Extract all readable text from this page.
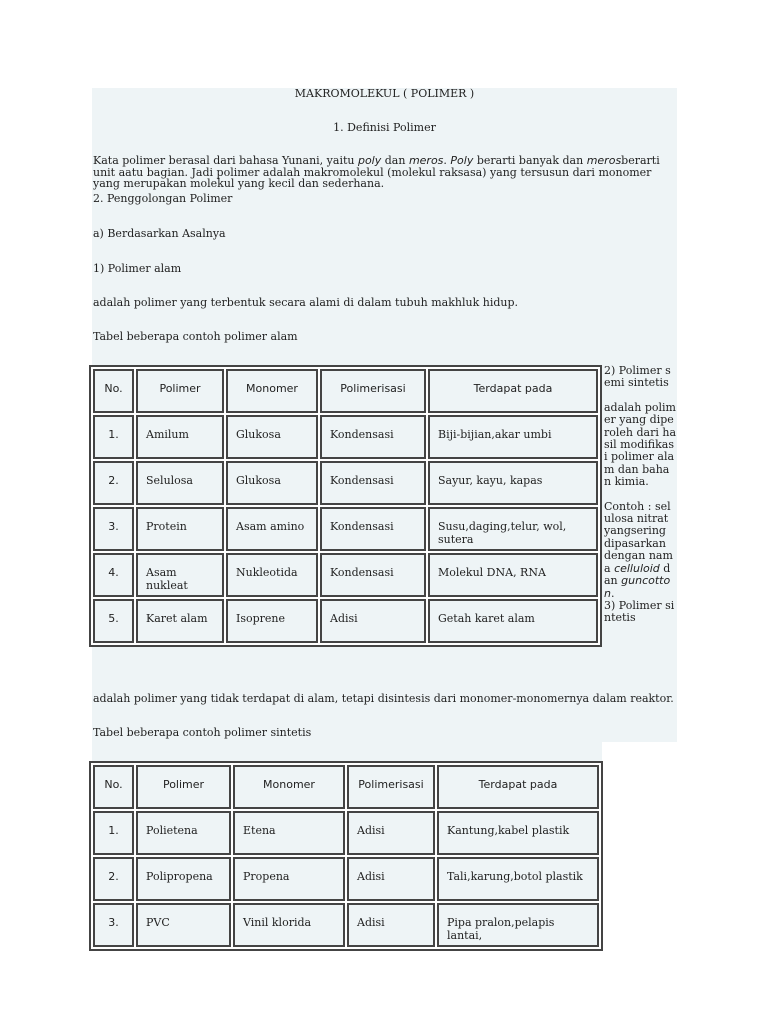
MAKROMOLEKUL ( POLIMER )
1. Definisi Polimer
Kata polimer berasal dari bahasa Yunani, yaitu poly dan meros. Poly berarti banyak dan merosberarti unit aatu bagian. Jadi polimer adalah makromolekul (molekul raksasa) yang tersusun dari monomer yang merupakan molekul yang kecil dan sederhana.
2. Penggolongan Polimer
a) Berdasarkan Asalnya
1) Polimer alam
adalah polimer yang terbentuk secara alami di dalam tubuh makhluk hidup.
Tabel beberapa contoh polimer alam
No.	Polimer	Monomer	Polimerisasi	Terdapat pada
1.	Amilum	Glukosa	Kondensasi	Biji-bijian,akar umbi
2.	Selulosa	Glukosa	Kondensasi	Sayur, kayu, kapas
3.	Protein	Asam amino	Kondensasi	Susu,daging,telur, wol, sutera
4.	Asam nukleat	Nukleotida	Kondensasi	Molekul DNA, RNA
5.	Karet alam	Isoprene	Adisi	Getah karet alam
2) Polimer semi sintetis
adalah polimer yang diperoleh dari hasil modifikasi polimer alam dan bahan kimia.
Contoh : selulosa nitrat yangsering dipasarkan dengan nama celluloid dan guncotton.
3) Polimer sintetis
adalah polimer yang tidak terdapat di alam, tetapi disintesis dari monomer-monomernya dalam reaktor.
Tabel beberapa contoh polimer sintetis
No.	Polimer	Monomer	Polimerisasi	Terdapat pada
1.	Polietena	Etena	Adisi	Kantung,kabel plastik
2.	Polipropena	Propena	Adisi	Tali,karung,botol plastik
3.	PVC	Vinil klorida	Adisi	Pipa pralon,pelapis lantai,
